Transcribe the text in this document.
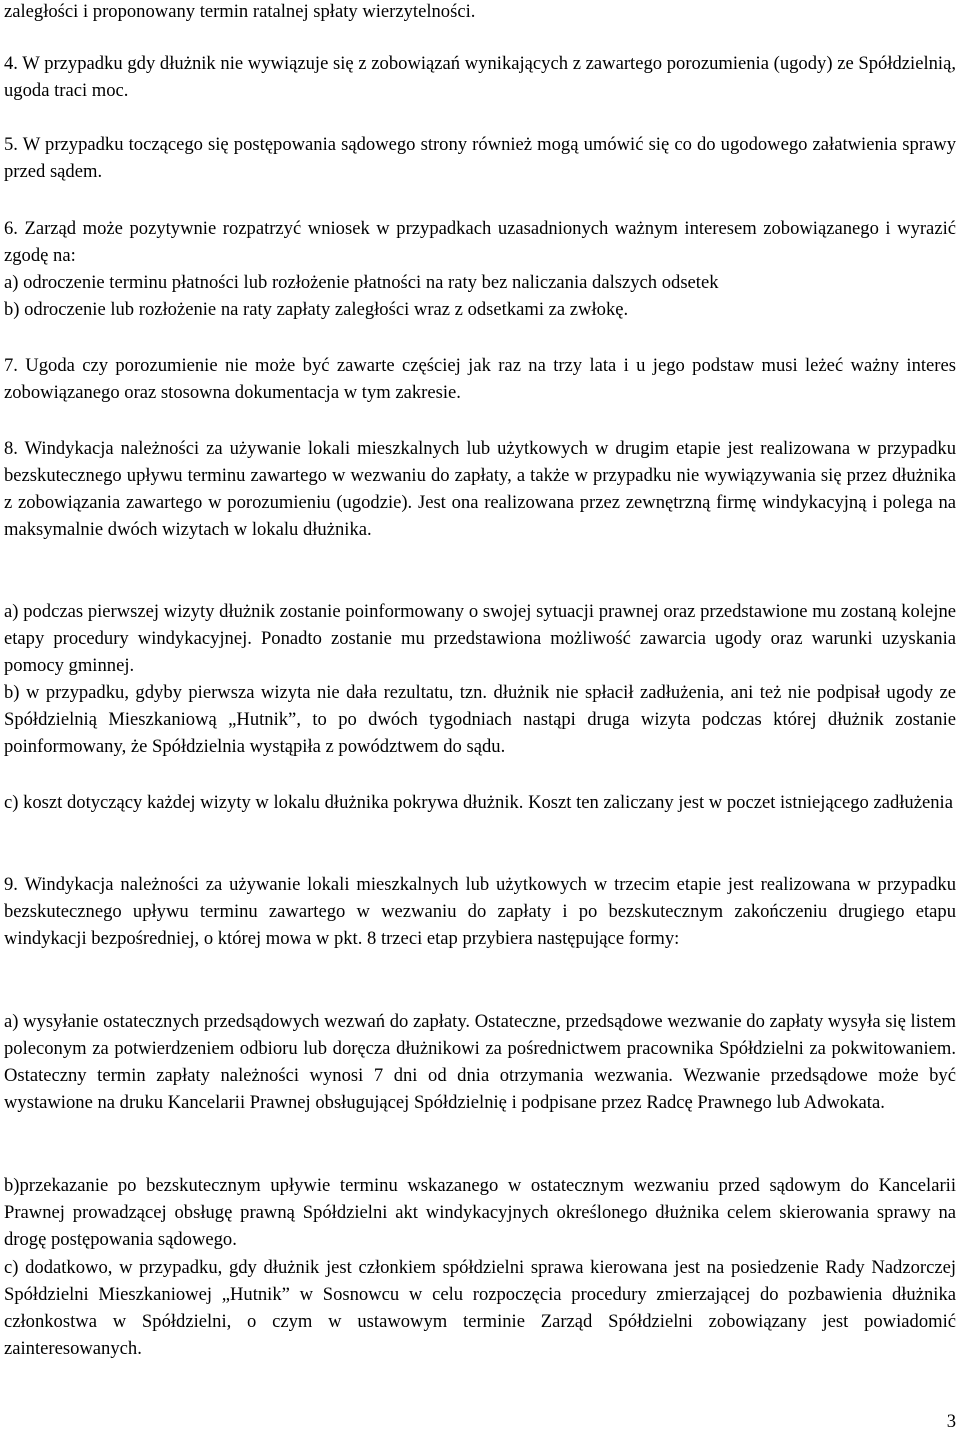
zaległości i proponowany termin ratalnej spłaty wierzytelności.
4. W przypadku gdy dłużnik nie wywiązuje się z zobowiązań wynikających z zawartego porozumienia (ugody) ze Spółdzielnią, ugoda traci moc.
5. W przypadku toczącego się postępowania sądowego strony również mogą umówić się co do ugodowego załatwienia sprawy przed sądem.
6. Zarząd może pozytywnie rozpatrzyć wniosek w przypadkach uzasadnionych ważnym interesem zobowiązanego i wyrazić zgodę na:
a) odroczenie terminu płatności lub rozłożenie płatności na raty bez naliczania dalszych odsetek
b) odroczenie lub rozłożenie na raty zapłaty zaległości wraz z odsetkami za zwłokę.
7. Ugoda czy porozumienie nie może być zawarte częściej jak raz na trzy lata i u jego podstaw musi leżeć ważny interes zobowiązanego oraz stosowna dokumentacja w tym zakresie.
8. Windykacja należności za używanie lokali mieszkalnych lub użytkowych w drugim etapie jest realizowana w przypadku bezskutecznego upływu terminu zawartego w wezwaniu do zapłaty, a także w przypadku nie wywiązywania się przez dłużnika z zobowiązania zawartego w porozumieniu (ugodzie). Jest ona realizowana przez zewnętrzną firmę windykacyjną i polega na maksymalnie dwóch wizytach w lokalu dłużnika.
a) podczas pierwszej wizyty dłużnik zostanie poinformowany o swojej sytuacji prawnej oraz przedstawione mu zostaną kolejne etapy procedury windykacyjnej. Ponadto zostanie mu przedstawiona możliwość zawarcia ugody oraz warunki uzyskania pomocy gminnej.
b) w przypadku, gdyby pierwsza wizyta nie dała rezultatu, tzn. dłużnik nie spłacił zadłużenia, ani też nie podpisał ugody ze Spółdzielnią Mieszkaniową „Hutnik”, to po dwóch tygodniach nastąpi druga wizyta podczas której dłużnik zostanie poinformowany, że Spółdzielnia wystąpiła z powództwem do sądu.
c) koszt dotyczący każdej wizyty w lokalu dłużnika pokrywa dłużnik. Koszt ten zaliczany jest w poczet istniejącego zadłużenia
9. Windykacja należności za używanie lokali mieszkalnych lub użytkowych w trzecim etapie jest realizowana w przypadku bezskutecznego upływu terminu zawartego w wezwaniu do zapłaty i po bezskutecznym zakończeniu drugiego etapu windykacji bezpośredniej, o której mowa w pkt. 8 trzeci etap przybiera następujące formy:
a) wysyłanie ostatecznych przedsądowych wezwań do zapłaty. Ostateczne, przedsądowe wezwanie do zapłaty wysyła się listem poleconym za potwierdzeniem odbioru lub doręcza dłużnikowi za pośrednictwem pracownika Spółdzielni za pokwitowaniem. Ostateczny termin zapłaty należności wynosi 7 dni od dnia otrzymania wezwania. Wezwanie przedsądowe może być wystawione na druku Kancelarii Prawnej obsługującej Spółdzielnię i podpisane przez Radcę Prawnego lub Adwokata.
b)przekazanie po bezskutecznym upływie terminu wskazanego w ostatecznym wezwaniu przed sądowym do Kancelarii Prawnej prowadzącej obsługę prawną Spółdzielni akt windykacyjnych określonego dłużnika celem skierowania sprawy na drogę postępowania sądowego.
c) dodatkowo, w przypadku, gdy dłużnik jest członkiem spółdzielni sprawa kierowana jest na posiedzenie Rady Nadzorczej Spółdzielni Mieszkaniowej „Hutnik” w Sosnowcu w celu rozpoczęcia procedury zmierzającej do pozbawienia dłużnika członkostwa w Spółdzielni, o czym w ustawowym terminie Zarząd Spółdzielni zobowiązany jest powiadomić zainteresowanych.
3
